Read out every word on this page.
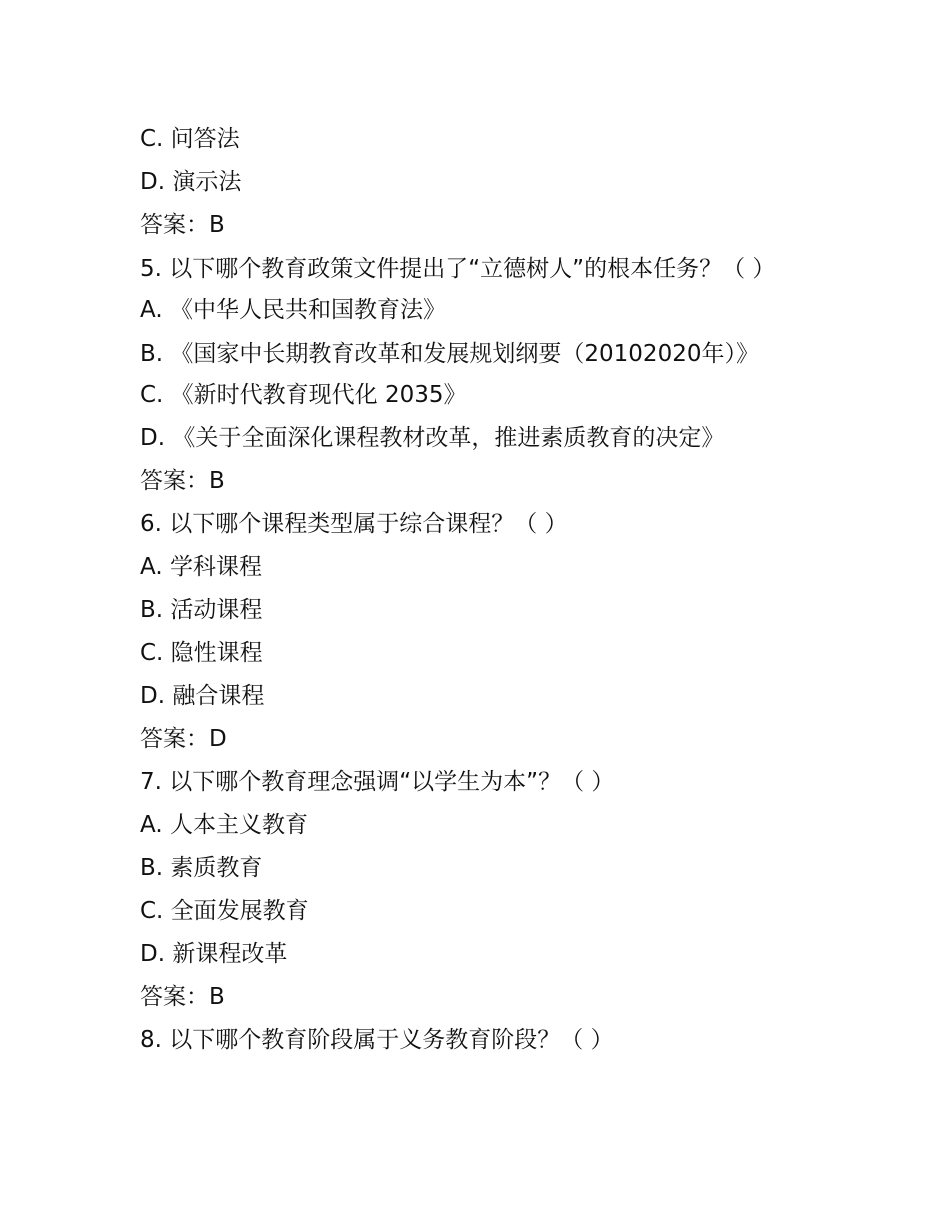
C. 问答法
D. 演示法
答案：B
5. 以下哪个教育政策文件提出了“立德树人”的根本任务？（ ）
A. 《中华人民共和国教育法》
B. 《国家中长期教育改革和发展规划纲要（20102020年）》
C. 《新时代教育现代化 2035》
D. 《关于全面深化课程教材改革，推进素质教育的决定》
答案：B
6. 以下哪个课程类型属于综合课程？（ ）
A. 学科课程
B. 活动课程
C. 隐性课程
D. 融合课程
答案：D
7. 以下哪个教育理念强调“以学生为本”？（ ）
A. 人本主义教育
B. 素质教育
C. 全面发展教育
D. 新课程改革
答案：B
8. 以下哪个教育阶段属于义务教育阶段？（ ）
